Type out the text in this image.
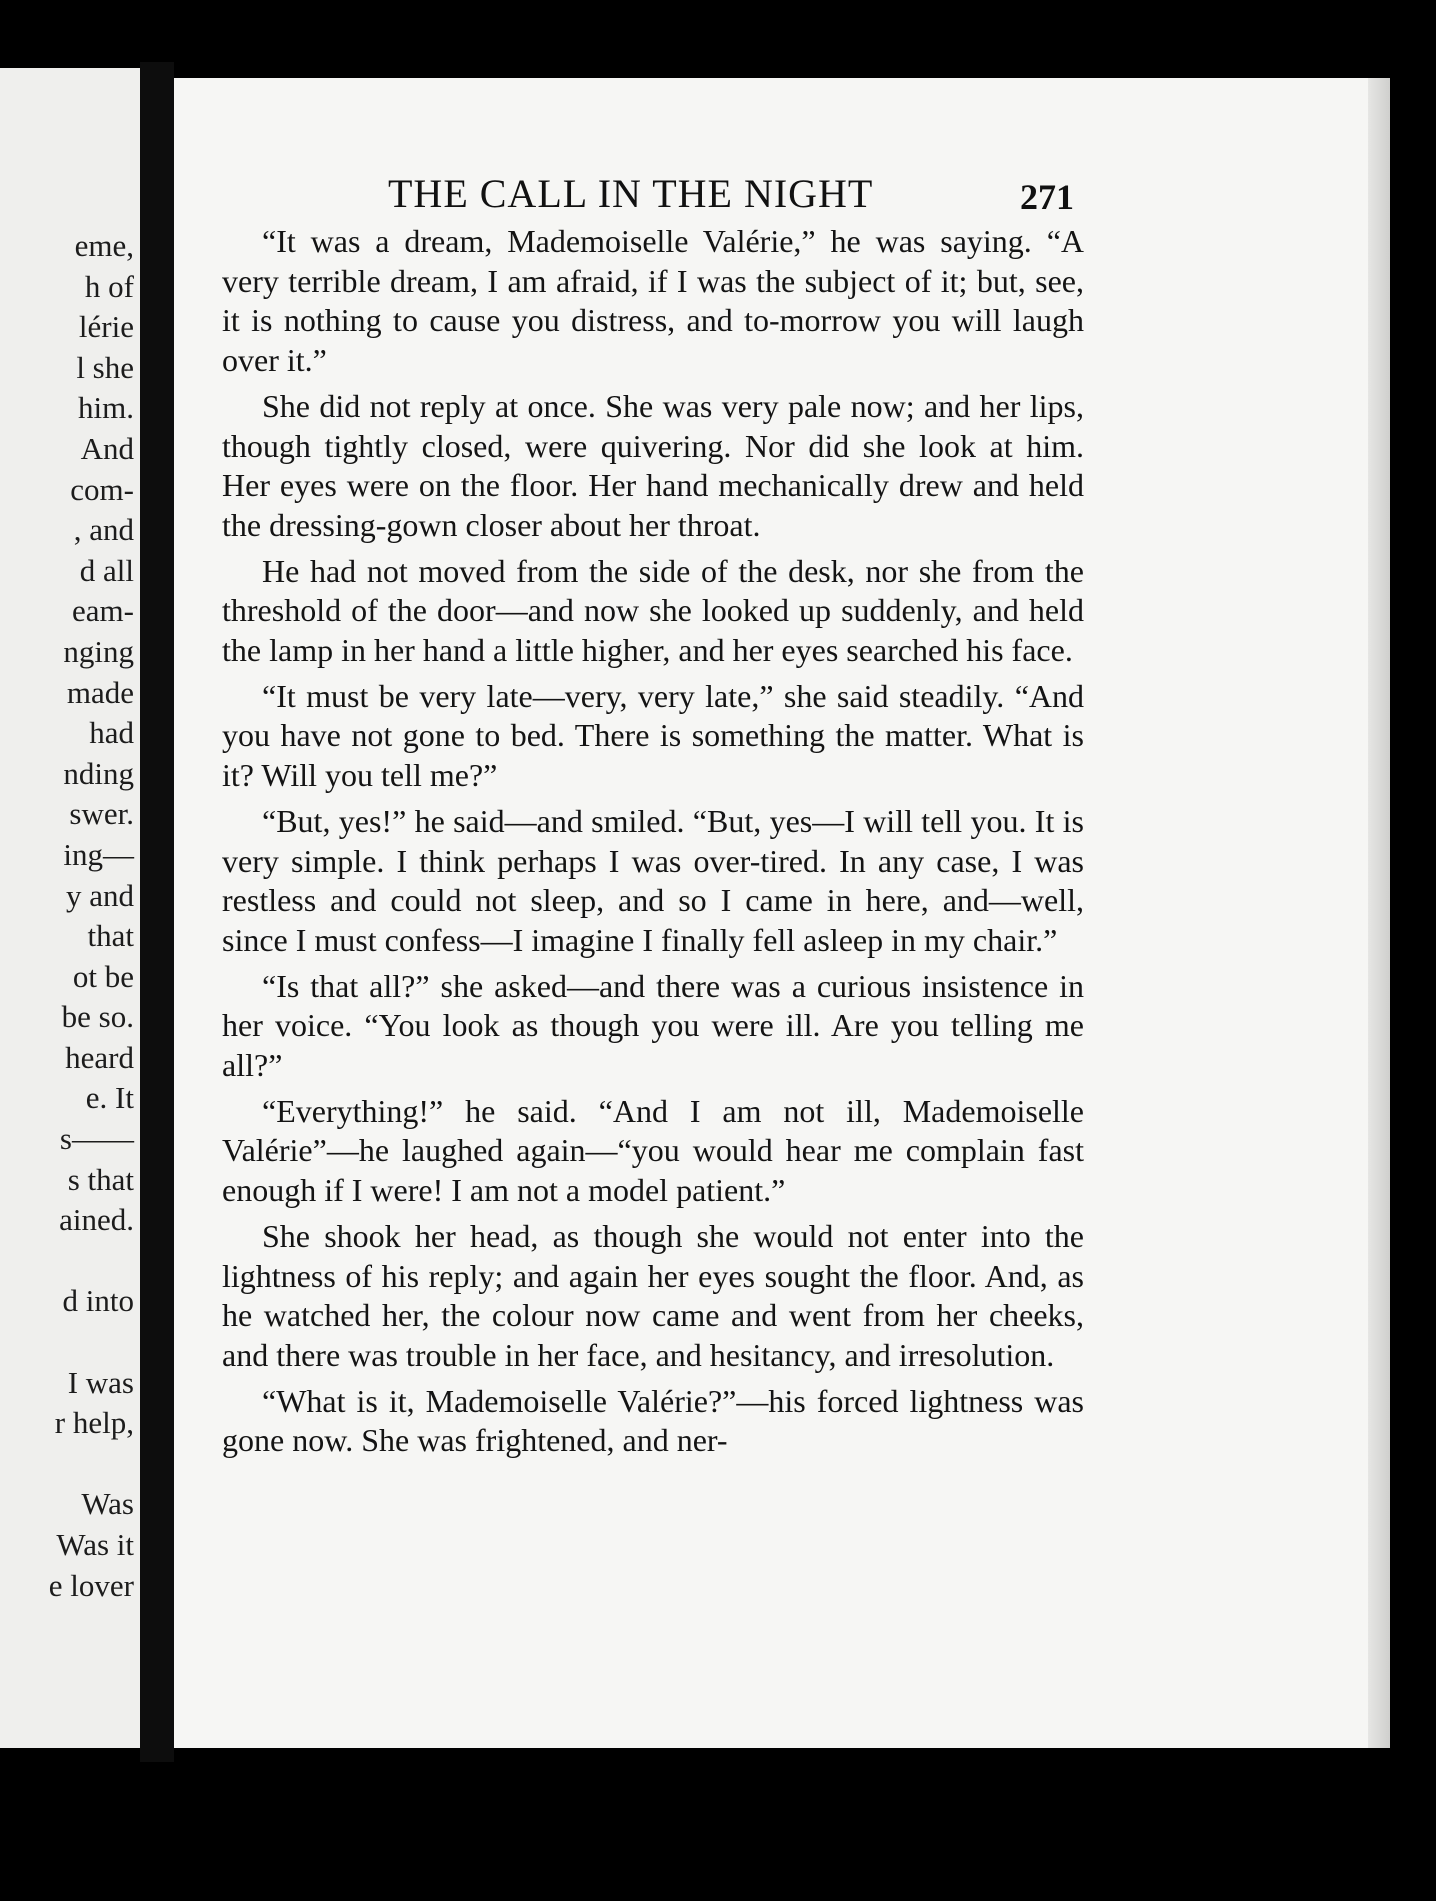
eme,
h of
lérie
l she
him.
And
com-
, and
d all
eam-
nging
made
had
nding
swer.
ing—
y and
that
ot be
be so.
heard
e. It
s——
s that
ained.
d into
I was
r help,
Was
Was it
e lover
THE CALL IN THE NIGHT	271

“It was a dream, Mademoiselle Valérie,” he was saying. “A very terrible dream, I am afraid, if I was the subject of it; but, see, it is nothing to cause you distress, and to-morrow you will laugh over it.”

She did not reply at once. She was very pale now; and her lips, though tightly closed, were quivering. Nor did she look at him. Her eyes were on the floor. Her hand mechanically drew and held the dressing-gown closer about her throat.

He had not moved from the side of the desk, nor she from the threshold of the door—and now she looked up suddenly, and held the lamp in her hand a little higher, and her eyes searched his face.

“It must be very late—very, very late,” she said steadily. “And you have not gone to bed. There is something the matter. What is it? Will you tell me?”

“But, yes!” he said—and smiled. “But, yes—I will tell you. It is very simple. I think perhaps I was over-tired. In any case, I was restless and could not sleep, and so I came in here, and—well, since I must confess—I imagine I finally fell asleep in my chair.”

“Is that all?” she asked—and there was a curious insistence in her voice. “You look as though you were ill. Are you telling me all?”

“Everything!” he said. “And I am not ill, Mademoiselle Valérie”—he laughed again—“you would hear me complain fast enough if I were! I am not a model patient.”

She shook her head, as though she would not enter into the lightness of his reply; and again her eyes sought the floor. And, as he watched her, the colour now came and went from her cheeks, and there was trouble in her face, and hesitancy, and irresolution.

“What is it, Mademoiselle Valérie?”—his forced lightness was gone now. She was frightened, and ner-
